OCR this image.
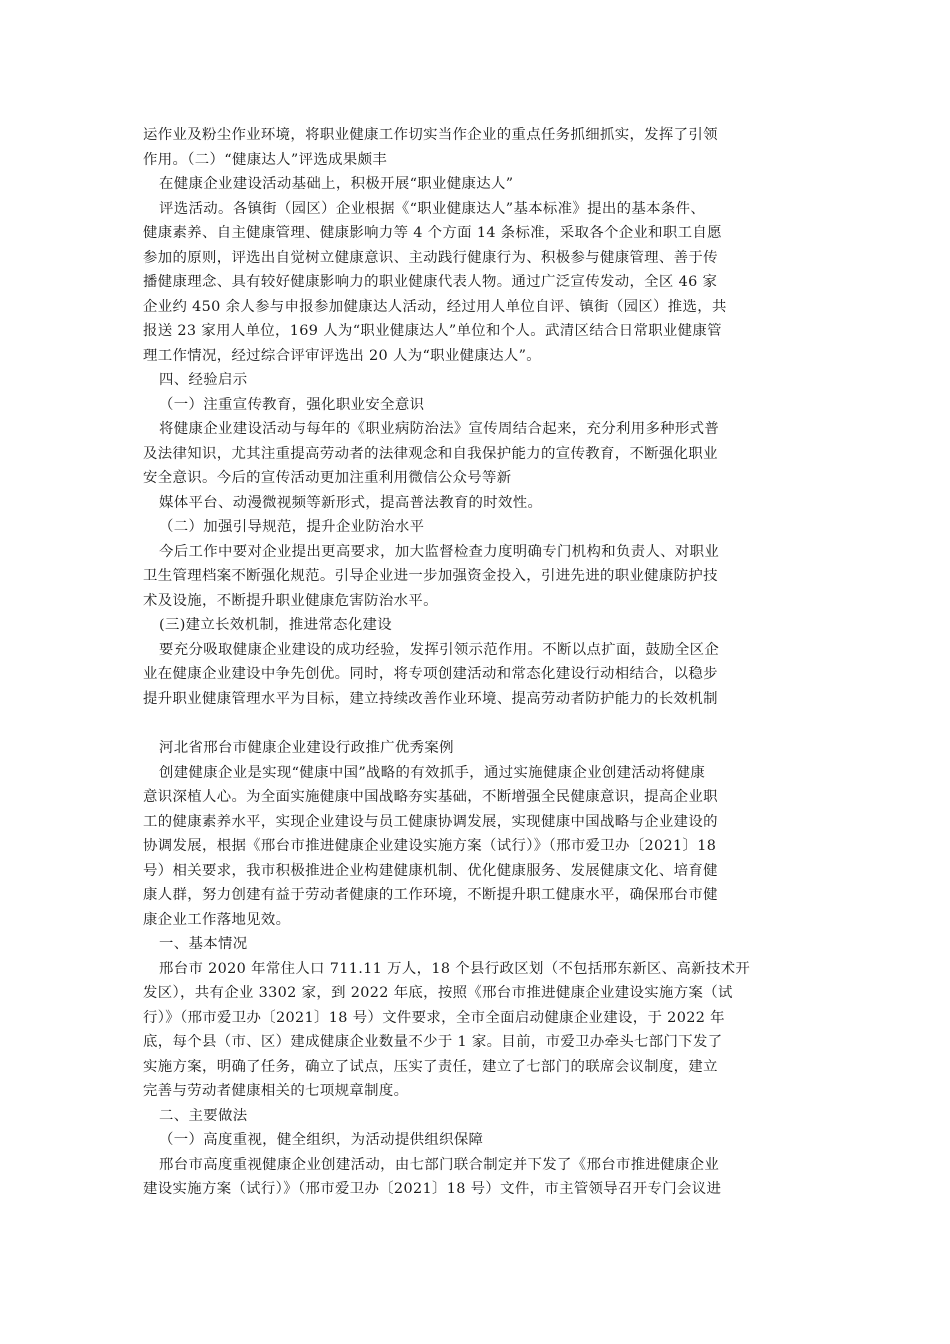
运作业及粉尘作业环境，将职业健康工作切实当作企业的重点任务抓细抓实，发挥了引领

作用。（二）“健康达人”评选成果颇丰

在健康企业建设活动基础上，积极开展“职业健康达人”

评选活动。各镇街（园区）企业根据《“职业健康达人”基本标准》提出的基本条件、

健康素养、自主健康管理、健康影响力等 4 个方面 14 条标准，采取各个企业和职工自愿

参加的原则，评选出自觉树立健康意识、主动践行健康行为、积极参与健康管理、善于传

播健康理念、具有较好健康影响力的职业健康代表人物。通过广泛宣传发动，全区 46 家

企业约 450 余人参与申报参加健康达人活动，经过用人单位自评、镇街（园区）推选，共

报送 23 家用人单位，169 人为“职业健康达人”单位和个人。武清区结合日常职业健康管

理工作情况，经过综合评审评选出 20 人为“职业健康达人”。

四、经验启示

（一）注重宣传教育，强化职业安全意识

将健康企业建设活动与每年的《职业病防治法》宣传周结合起来，充分利用多种形式普

及法律知识，尤其注重提高劳动者的法律观念和自我保护能力的宣传教育，不断强化职业

安全意识。今后的宣传活动更加注重利用微信公众号等新

媒体平台、动漫微视频等新形式，提高普法教育的时效性。

（二）加强引导规范，提升企业防治水平

今后工作中要对企业提出更高要求，加大监督检查力度明确专门机构和负责人、对职业

卫生管理档案不断强化规范。引导企业进一步加强资金投入，引进先进的职业健康防护技

术及设施，不断提升职业健康危害防治水平。

(三)建立长效机制，推进常态化建设

要充分吸取健康企业建设的成功经验，发挥引领示范作用。不断以点扩面，鼓励全区企

业在健康企业建设中争先创优。同时，将专项创建活动和常态化建设行动相结合，以稳步

提升职业健康管理水平为目标，建立持续改善作业环境、提高劳动者防护能力的长效机制

河北省邢台市健康企业建设行政推广优秀案例

创建健康企业是实现“健康中国”战略的有效抓手，通过实施健康企业创建活动将健康

意识深植人心。为全面实施健康中国战略夯实基础，不断增强全民健康意识，提高企业职

工的健康素养水平，实现企业建设与员工健康协调发展，实现健康中国战略与企业建设的

协调发展，根据《邢台市推进健康企业建设实施方案（试行）》（邢市爱卫办〔2021〕18

号）相关要求，我市积极推进企业构建健康机制、优化健康服务、发展健康文化、培育健

康人群，努力创建有益于劳动者健康的工作环境，不断提升职工健康水平，确保邢台市健

康企业工作落地见效。

一、基本情况

邢台市 2020 年常住人口 711.11 万人，18 个县行政区划（不包括邢东新区、高新技术开

发区），共有企业 3302 家，到 2022 年底，按照《邢台市推进健康企业建设实施方案（试

行）》（邢市爱卫办〔2021〕18 号）文件要求，全市全面启动健康企业建设，于 2022 年

底，每个县（市、区）建成健康企业数量不少于 1 家。目前，市爱卫办牵头七部门下发了

实施方案，明确了任务，确立了试点，压实了责任，建立了七部门的联席会议制度，建立

完善与劳动者健康相关的七项规章制度。

二、主要做法

（一）高度重视，健全组织，为活动提供组织保障

邢台市高度重视健康企业创建活动，由七部门联合制定并下发了《邢台市推进健康企业

建设实施方案（试行）》（邢市爱卫办〔2021〕18 号）文件，市主管领导召开专门会议进
